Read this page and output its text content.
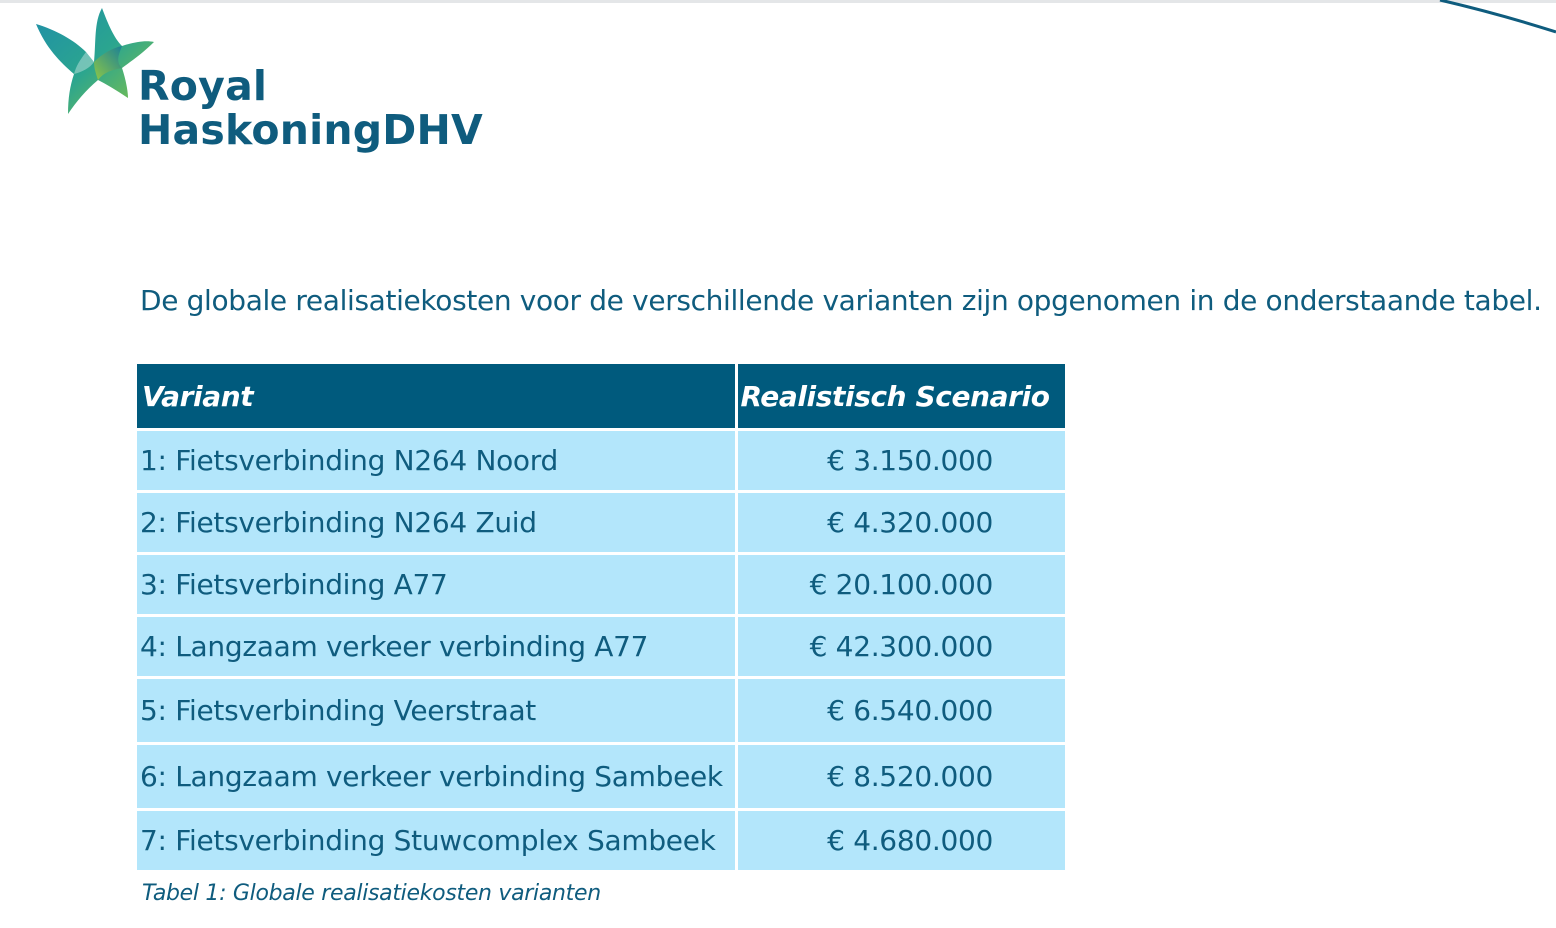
Royal
HaskoningDHV

De globale realisatiekosten voor de verschillende varianten zijn opgenomen in de onderstaande tabel.

Variant	Realistisch Scenario
1: Fietsverbinding N264 Noord	€ 3.150.000
2: Fietsverbinding N264 Zuid	€ 4.320.000
3: Fietsverbinding A77	€ 20.100.000
4: Langzaam verkeer verbinding A77	€ 42.300.000
5: Fietsverbinding Veerstraat	€ 6.540.000
6: Langzaam verkeer verbinding Sambeek	€ 8.520.000
7: Fietsverbinding Stuwcomplex Sambeek	€ 4.680.000

Tabel 1: Globale realisatiekosten varianten
